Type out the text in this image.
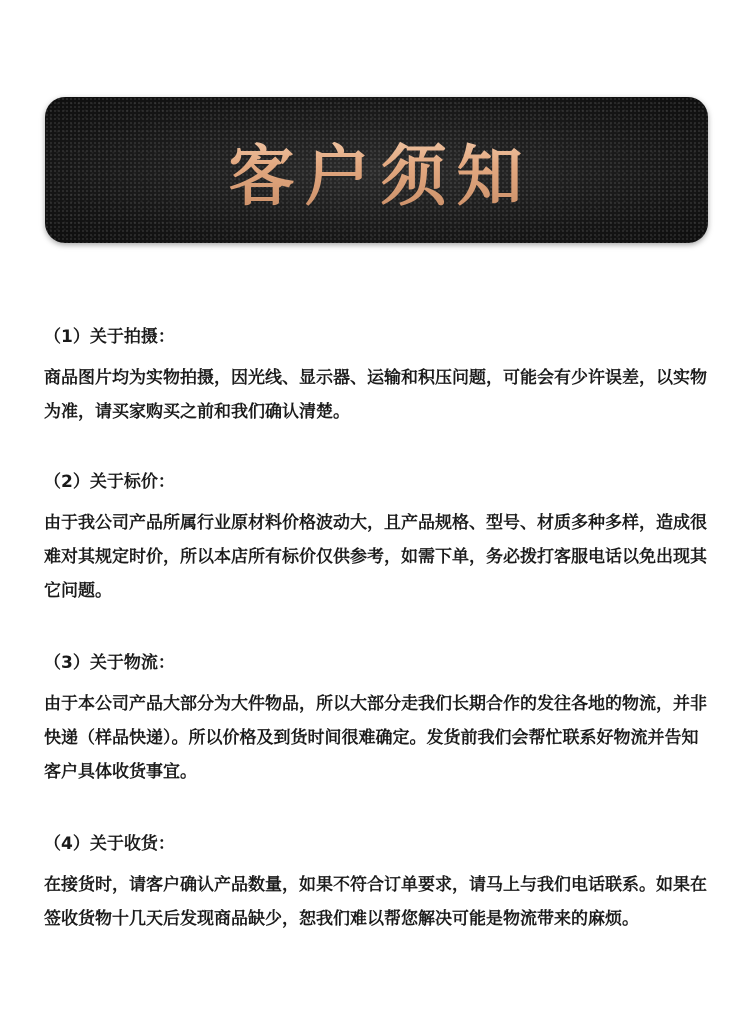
客户须知
（1）关于拍摄：

商品图片均为实物拍摄，因光线、显示器、运输和积压问题，可能会有少许误差，以实物为准，请买家购买之前和我们确认清楚。

（2）关于标价：

由于我公司产品所属行业原材料价格波动大，且产品规格、型号、材质多种多样，造成很难对其规定时价，所以本店所有标价仅供参考，如需下单，务必拨打客服电话以免出现其它问题。

（3）关于物流：

由于本公司产品大部分为大件物品，所以大部分走我们长期合作的发往各地的物流，并非快递（样品快递）。所以价格及到货时间很难确定。发货前我们会帮忙联系好物流并告知客户具体收货事宜。

（4）关于收货：

在接货时，请客户确认产品数量，如果不符合订单要求，请马上与我们电话联系。如果在签收货物十几天后发现商品缺少，恕我们难以帮您解决可能是物流带来的麻烦。
